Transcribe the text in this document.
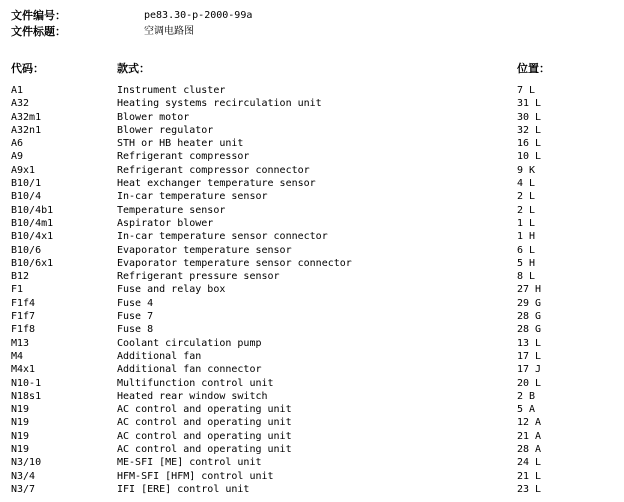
文件编号：	pe83.30-p-2000-99a
文件标题：	空调电路图
代码：	款式：	位置：
A1	Instrument cluster	7 L
A32	Heating systems recirculation unit	31 L
A32m1	Blower motor	30 L
A32n1	Blower regulator	32 L
A6	STH or HB heater unit	16 L
A9	Refrigerant compressor	10 L
A9x1	Refrigerant compressor connector	9 K
B10/1	Heat exchanger temperature sensor	4 L
B10/4	In-car temperature sensor	2 L
B10/4b1	Temperature sensor	2 L
B10/4m1	Aspirator blower	1 L
B10/4x1	In-car temperature sensor connector	1 H
B10/6	Evaporator temperature sensor	6 L
B10/6x1	Evaporator temperature sensor connector	5 H
B12	Refrigerant pressure sensor	8 L
F1	Fuse and relay box	27 H
F1f4	Fuse 4	29 G
F1f7	Fuse 7	28 G
F1f8	Fuse 8	28 G
M13	Coolant circulation pump	13 L
M4	Additional fan	17 L
M4x1	Additional fan connector	17 J
N10-1	Multifunction control unit	20 L
N18s1	Heated rear window switch	2 B
N19	AC control and operating unit	5 A
N19	AC control and operating unit	12 A
N19	AC control and operating unit	21 A
N19	AC control and operating unit	28 A
N3/10	ME-SFI [ME] control unit	24 L
N3/4	HFM-SFI [HFM] control unit	21 L
N3/7	IFI [ERE] control unit	23 L
